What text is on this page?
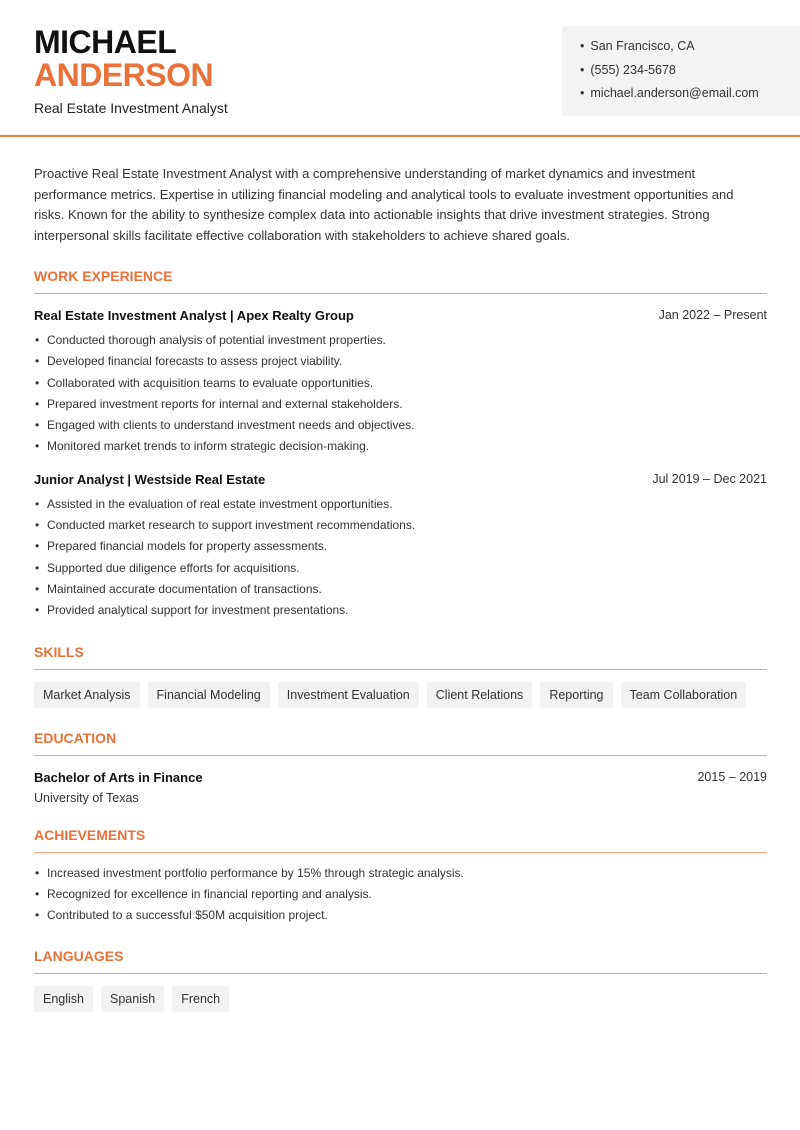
MICHAEL
ANDERSON
Real Estate Investment Analyst
• San Francisco, CA
• (555) 234-5678
• michael.anderson@email.com

Proactive Real Estate Investment Analyst with a comprehensive understanding of market dynamics and investment performance metrics. Expertise in utilizing financial modeling and analytical tools to evaluate investment opportunities and risks. Known for the ability to synthesize complex data into actionable insights that drive investment strategies. Strong interpersonal skills facilitate effective collaboration with stakeholders to achieve shared goals.

WORK EXPERIENCE
Real Estate Investment Analyst | Apex Realty Group	Jan 2022 – Present
• Conducted thorough analysis of potential investment properties.
• Developed financial forecasts to assess project viability.
• Collaborated with acquisition teams to evaluate opportunities.
• Prepared investment reports for internal and external stakeholders.
• Engaged with clients to understand investment needs and objectives.
• Monitored market trends to inform strategic decision-making.
Junior Analyst | Westside Real Estate	Jul 2019 – Dec 2021
• Assisted in the evaluation of real estate investment opportunities.
• Conducted market research to support investment recommendations.
• Prepared financial models for property assessments.
• Supported due diligence efforts for acquisitions.
• Maintained accurate documentation of transactions.
• Provided analytical support for investment presentations.
SKILLS
Market Analysis	Financial Modeling	Investment Evaluation	Client Relations	Reporting	Team Collaboration
EDUCATION
Bachelor of Arts in Finance	2015 – 2019
University of Texas
ACHIEVEMENTS
• Increased investment portfolio performance by 15% through strategic analysis.
• Recognized for excellence in financial reporting and analysis.
• Contributed to a successful $50M acquisition project.
LANGUAGES
English	Spanish	French
